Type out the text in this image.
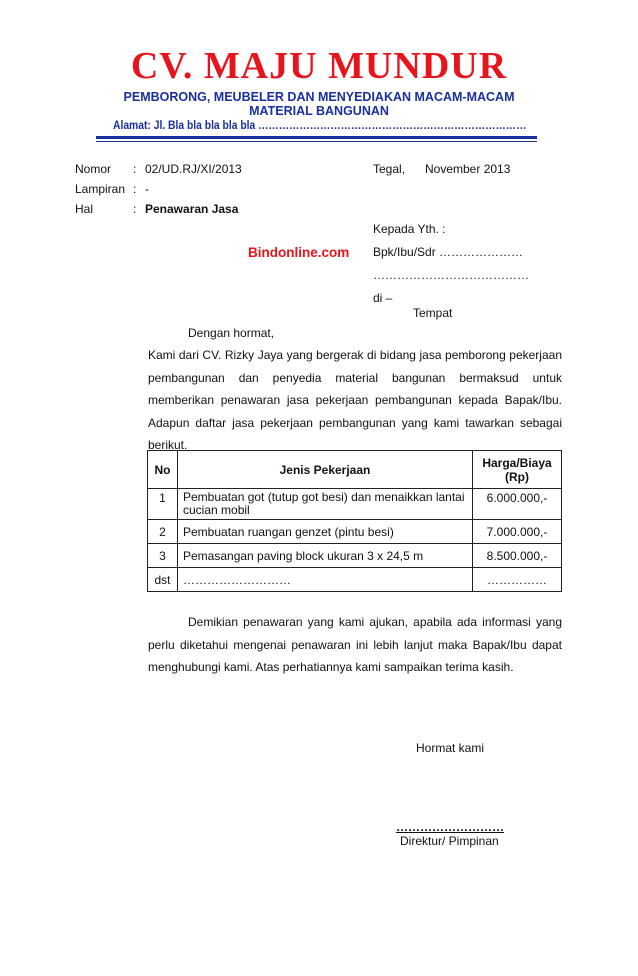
CV. MAJU MUNDUR
PEMBORONG, MEUBELER DAN MENYEDIAKAN MACAM-MACAM
MATERIAL BANGUNAN
Alamat: Jl. Bla bla bla bla bla ……………………………………………………………………
Nomor : 02/UD.RJ/XI/2013
Lampiran : -
Hal	: Penawaran Jasa
Tegal, November 2013
Kepada Yth. :
Bpk/Ibu/Sdr …………………
…………………………………
di –
Tempat
Bindonline.com
Dengan hormat,
Kami dari CV. Rizky Jaya yang bergerak di bidang jasa pemborong pekerjaan pembangunan dan penyedia material bangunan bermaksud untuk memberikan penawaran jasa pekerjaan pembangunan kepada Bapak/Ibu. Adapun daftar jasa pekerjaan pembangunan yang kami tawarkan sebagai berikut.
No	Jenis Pekerjaan	Harga/Biaya (Rp)
1	Pembuatan got (tutup got besi) dan menaikkan lantai cucian mobil	6.000.000,-
2	Pembuatan ruangan genzet (pintu besi)	7.000.000,-
3	Pemasangan paving block ukuran 3 x 24,5 m	8.500.000,-
dst	………………………	……………
Demikian penawaran yang kami ajukan, apabila ada informasi yang perlu diketahui mengenai penawaran ini lebih lanjut maka Bapak/Ibu dapat menghubungi kami. Atas perhatiannya kami sampaikan terima kasih.
Hormat kami
………………………
Direktur/ Pimpinan
